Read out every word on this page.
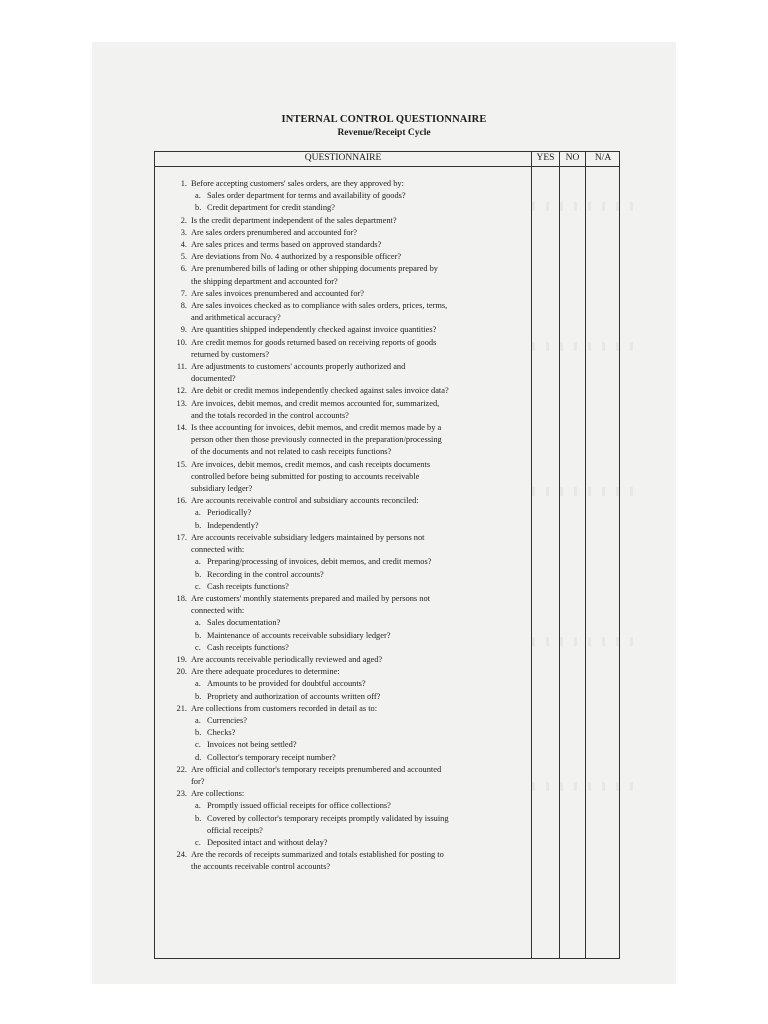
INTERNAL CONTROL QUESTIONNAIRE
Revenue/Receipt Cycle
QUESTIONNAIRE	YES	NO	N/A
1. Before accepting customers' sales orders, are they approved by:
a. Sales order department for terms and availability of goods?
b. Credit department for credit standing?
2. Is the credit department independent of the sales department?
3. Are sales orders prenumbered and accounted for?
4. Are sales prices and terms based on approved standards?
5. Are deviations from No. 4 authorized by a responsible officer?
6. Are prenumbered bills of lading or other shipping documents prepared by
the shipping department and accounted for?
7. Are sales invoices prenumbered and accounted for?
8. Are sales invoices checked as to compliance with sales orders, prices, terms,
and arithmetical accuracy?
9. Are quantities shipped independently checked against invoice quantities?
10. Are credit memos for goods returned based on receiving reports of goods
returned by customers?
11. Are adjustments to customers' accounts properly authorized and
documented?
12. Are debit or credit memos independently checked against sales invoice data?
13. Are invoices, debit memos, and credit memos accounted for, summarized,
and the totals recorded in the control accounts?
14. Is thee accounting for invoices, debit memos, and credit memos made by a
person other then those previously connected in the preparation/processing
of the documents and not related to cash receipts functions?
15. Are invoices, debit memos, credit memos, and cash receipts documents
controlled before being submitted for posting to accounts receivable
subsidiary ledger?
16. Are accounts receivable control and subsidiary accounts reconciled:
a. Periodically?
b. Independently?
17. Are accounts receivable subsidiary ledgers maintained by persons not
connected with:
a. Preparing/processing of invoices, debit memos, and credit memos?
b. Recording in the control accounts?
c. Cash receipts functions?
18. Are customers' monthly statements prepared and mailed by persons not
connected with:
a. Sales documentation?
b. Maintenance of accounts receivable subsidiary ledger?
c. Cash receipts functions?
19. Are accounts receivable periodically reviewed and aged?
20. Are there adequate procedures to determine:
a. Amounts to be provided for doubtful accounts?
b. Propriety and authorization of accounts written off?
21. Are collections from customers recorded in detail as to:
a. Currencies?
b. Checks?
c. Invoices not being settled?
d. Collector's temporary receipt number?
22. Are official and collector's temporary receipts prenumbered and accounted
for?
23. Are collections:
a. Promptly issued official receipts for office collections?
b. Covered by collector's temporary receipts promptly validated by issuing
official receipts?
c. Deposited intact and without delay?
24. Are the records of receipts summarized and totals established for posting to
the accounts receivable control accounts?
